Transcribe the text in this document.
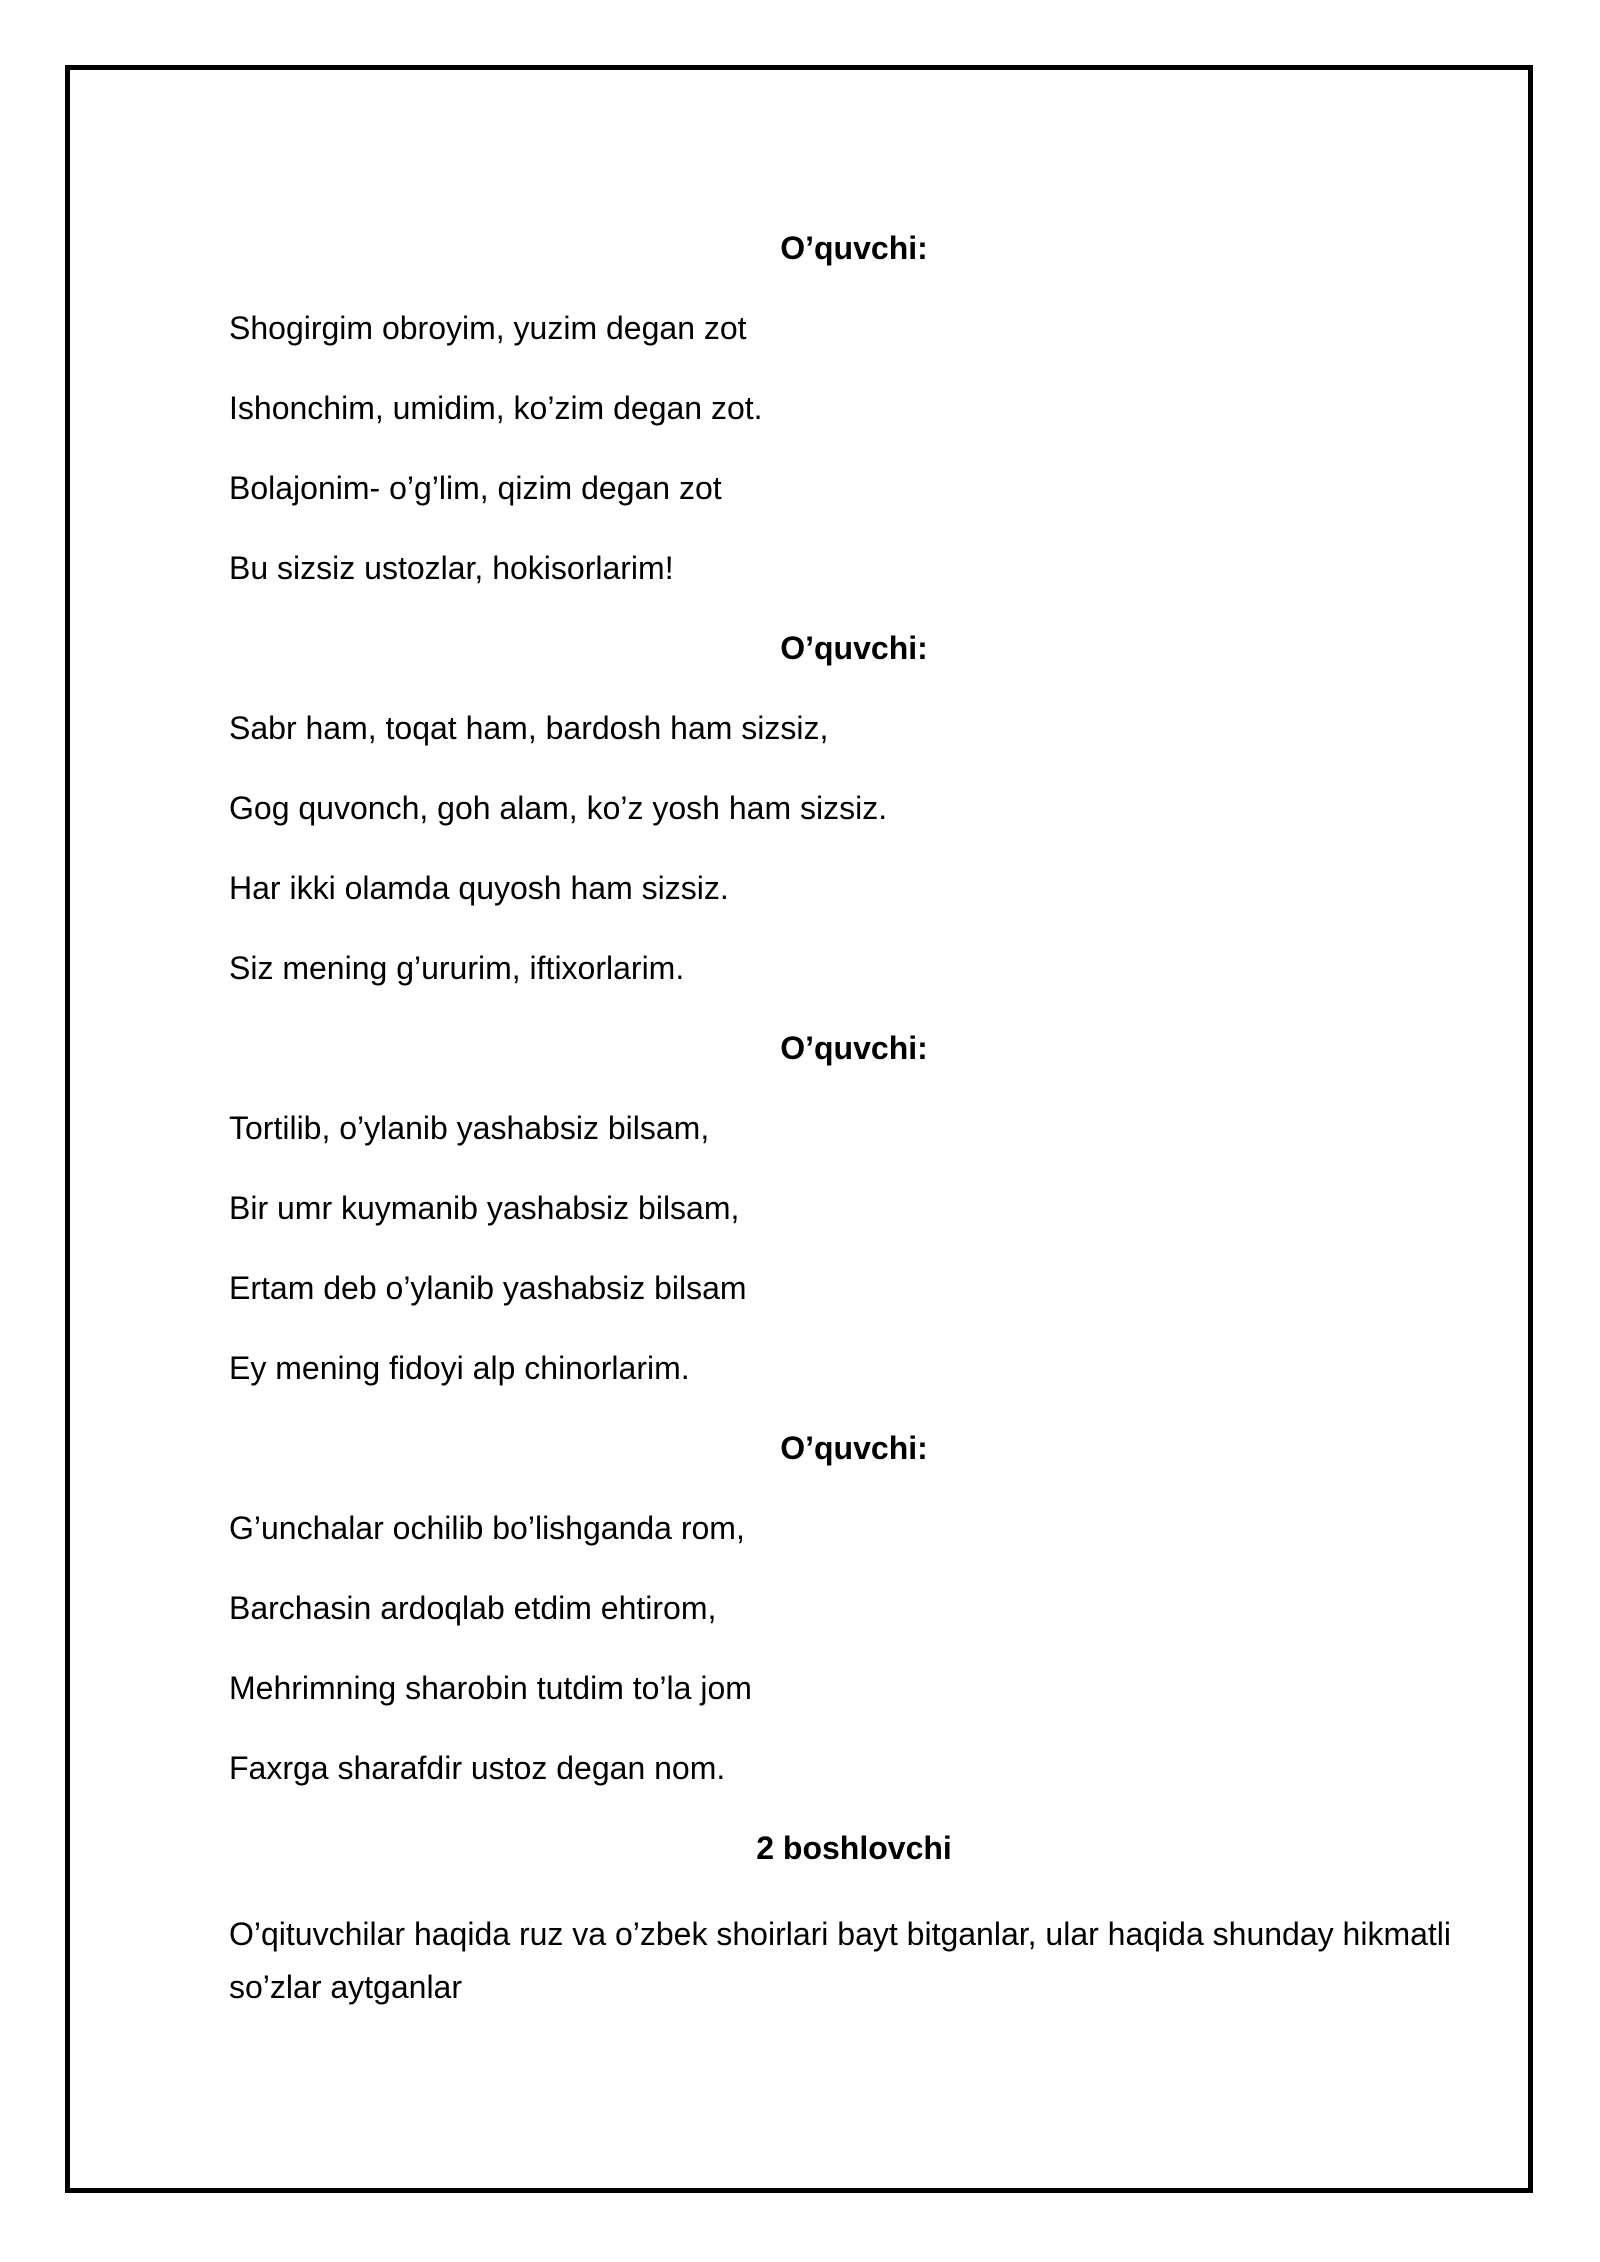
O’quvchi:
Shogirgim obroyim, yuzim degan zot
Ishonchim, umidim, ko’zim degan zot.
Bolajonim- o’g’lim, qizim degan zot
Bu sizsiz ustozlar, hokisorlarim!
O’quvchi:
Sabr ham, toqat ham, bardosh ham sizsiz,
Gog quvonch, goh alam, ko’z yosh ham sizsiz.
Har ikki olamda quyosh ham sizsiz.
Siz mening g’ururim, iftixorlarim.
O’quvchi:
Tortilib, o’ylanib yashabsiz bilsam,
Bir umr kuymanib yashabsiz bilsam,
Ertam deb o’ylanib yashabsiz bilsam
Ey mening fidoyi alp chinorlarim.
O’quvchi:
G’unchalar ochilib bo’lishganda rom,
Barchasin ardoqlab etdim ehtirom,
Mehrimning sharobin tutdim to’la jom
Faxrga sharafdir ustoz degan nom.
2 boshlovchi
O’qituvchilar haqida ruz va o’zbek shoirlari bayt bitganlar, ular haqida shunday hikmatli so’zlar aytganlar
